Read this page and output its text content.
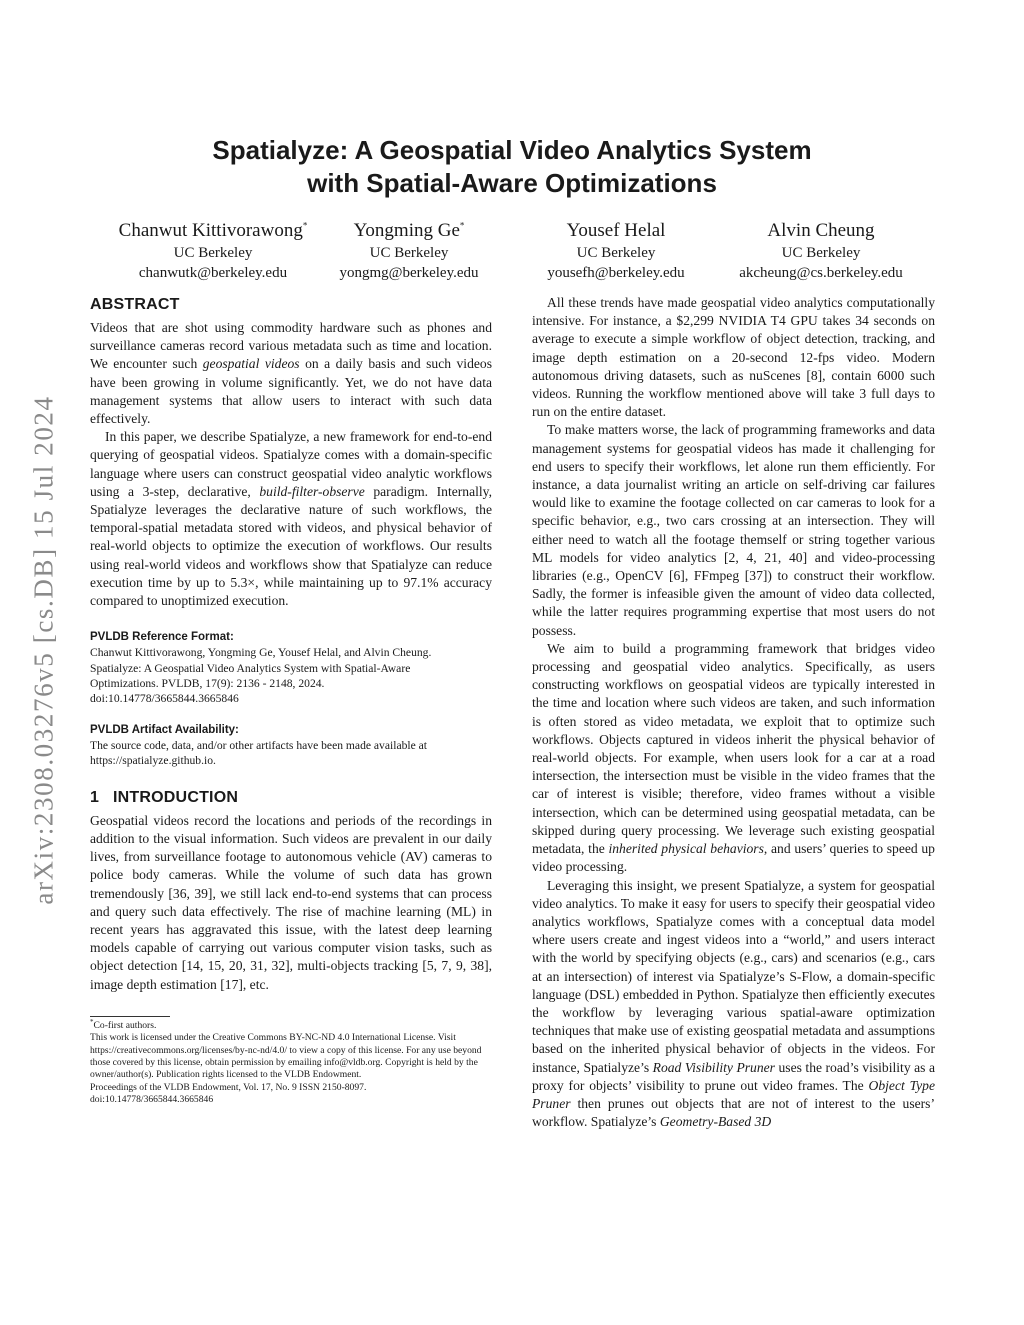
arXiv:2308.03276v5 [cs.DB] 15 Jul 2024
Spatialyze: A Geospatial Video Analytics System
with Spatial-Aware Optimizations
Chanwut Kittivorawong*
UC Berkeley
chanwutk@berkeley.edu
Yongming Ge*
UC Berkeley
yongmg@berkeley.edu
Yousef Helal
UC Berkeley
yousefh@berkeley.edu
Alvin Cheung
UC Berkeley
akcheung@cs.berkeley.edu
ABSTRACT

Videos that are shot using commodity hardware such as phones and surveillance cameras record various metadata such as time and location. We encounter such geospatial videos on a daily basis and such videos have been growing in volume significantly. Yet, we do not have data management systems that allow users to interact with such data effectively.

In this paper, we describe Spatialyze, a new framework for end-to-end querying of geospatial videos. Spatialyze comes with a domain-specific language where users can construct geospatial video analytic workflows using a 3-step, declarative, build-filter-observe paradigm. Internally, Spatialyze leverages the declarative nature of such workflows, the temporal-spatial metadata stored with videos, and physical behavior of real-world objects to optimize the execution of workflows. Our results using real-world videos and workflows show that Spatialyze can reduce execution time by up to 5.3×, while maintaining up to 97.1% accuracy compared to unoptimized execution.

PVLDB Reference Format:
Chanwut Kittivorawong, Yongming Ge, Yousef Helal, and Alvin Cheung.
Spatialyze: A Geospatial Video Analytics System with Spatial-Aware
Optimizations. PVLDB, 17(9): 2136 - 2148, 2024.
doi:10.14778/3665844.3665846
PVLDB Artifact Availability:
The source code, data, and/or other artifacts have been made available at https://spatialyze.github.io.
1   INTRODUCTION

Geospatial videos record the locations and periods of the recordings in addition to the visual information. Such videos are prevalent in our daily lives, from surveillance footage to autonomous vehicle (AV) cameras to police body cameras. While the volume of such data has grown tremendously [36, 39], we still lack end-to-end systems that can process and query such data effectively. The rise of machine learning (ML) in recent years has aggravated this issue, with the latest deep learning models capable of carrying out various computer vision tasks, such as object detection [14, 15, 20, 31, 32], multi-objects tracking [5, 7, 9, 38], image depth estimation [17], etc.

*Co-first authors.
This work is licensed under the Creative Commons BY-NC-ND 4.0 International License. Visit https://creativecommons.org/licenses/by-nc-nd/4.0/ to view a copy of this license. For any use beyond those covered by this license, obtain permission by emailing info@vldb.org. Copyright is held by the owner/author(s). Publication rights licensed to the VLDB Endowment.
Proceedings of the VLDB Endowment, Vol. 17, No. 9 ISSN 2150-8097.
doi:10.14778/3665844.3665846

All these trends have made geospatial video analytics computationally intensive. For instance, a $2,299 NVIDIA T4 GPU takes 34 seconds on average to execute a simple workflow of object detection, tracking, and image depth estimation on a 20-second 12-fps video. Modern autonomous driving datasets, such as nuScenes [8], contain 6000 such videos. Running the workflow mentioned above will take 3 full days to run on the entire dataset.

To make matters worse, the lack of programming frameworks and data management systems for geospatial videos has made it challenging for end users to specify their workflows, let alone run them efficiently. For instance, a data journalist writing an article on self-driving car failures would like to examine the footage collected on car cameras to look for a specific behavior, e.g., two cars crossing at an intersection. They will either need to watch all the footage themself or string together various ML models for video analytics [2, 4, 21, 40] and video-processing libraries (e.g., OpenCV [6], FFmpeg [37]) to construct their workflow. Sadly, the former is infeasible given the amount of video data collected, while the latter requires programming expertise that most users do not possess.

We aim to build a programming framework that bridges video processing and geospatial video analytics. Specifically, as users constructing workflows on geospatial videos are typically interested in the time and location where such videos are taken, and such information is often stored as video metadata, we exploit that to optimize such workflows. Objects captured in videos inherit the physical behavior of real-world objects. For example, when users look for a car at a road intersection, the intersection must be visible in the video frames that the car of interest is visible; therefore, video frames without a visible intersection, which can be determined using geospatial metadata, can be skipped during query processing. We leverage such existing geospatial metadata, the inherited physical behaviors, and users’ queries to speed up video processing.

Leveraging this insight, we present Spatialyze, a system for geospatial video analytics. To make it easy for users to specify their geospatial video analytics workflows, Spatialyze comes with a conceptual data model where users create and ingest videos into a “world,” and users interact with the world by specifying objects (e.g., cars) and scenarios (e.g., cars at an intersection) of interest via Spatialyze’s S-Flow, a domain-specific language (DSL) embedded in Python. Spatialyze then efficiently executes the workflow by leveraging various spatial-aware optimization techniques that make use of existing geospatial metadata and assumptions based on the inherited physical behavior of objects in the videos. For instance, Spatialyze’s Road Visibility Pruner uses the road’s visibility as a proxy for objects’ visibility to prune out video frames. The Object Type Pruner then prunes out objects that are not of interest to the users’ workflow. Spatialyze’s Geometry-Based 3D
